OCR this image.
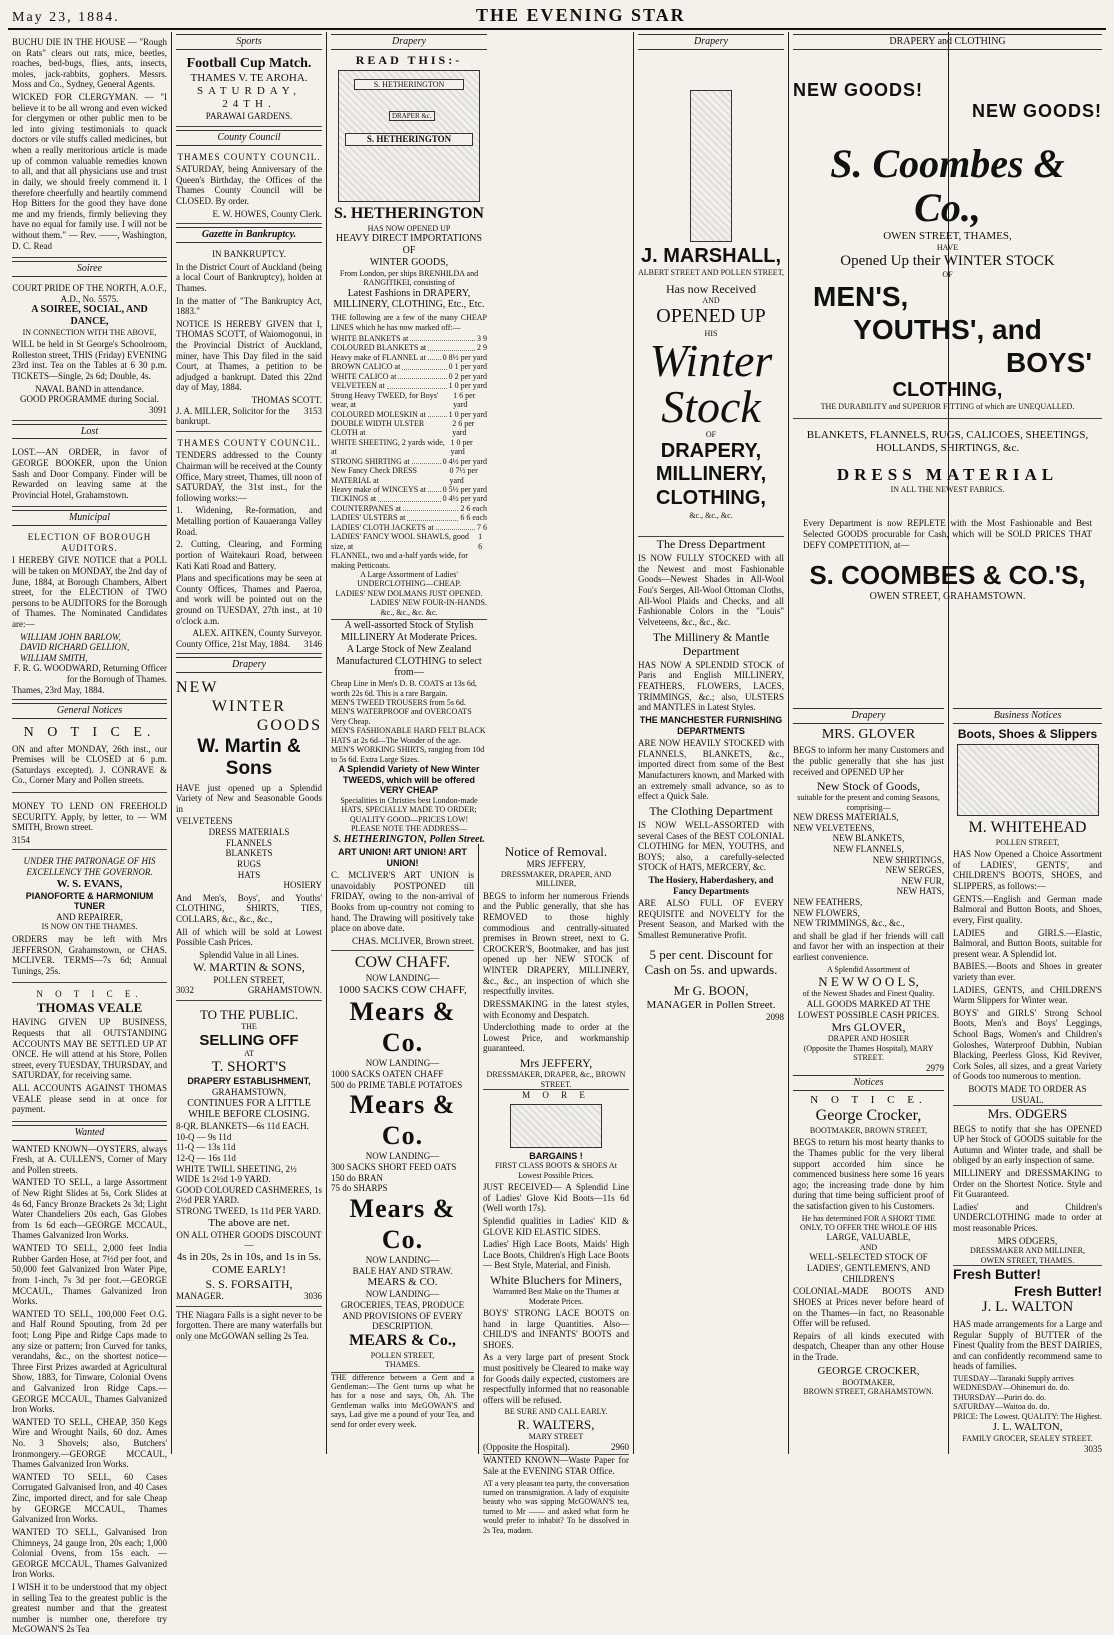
May 23, 1884.	THE EVENING STAR

BUCHU DIE IN THE HOUSE — "Rough on Rats" clears out rats, mice, beetles, roaches, bed-bugs, flies, ants, insects, moles, jack-rabbits, gophers. Messrs. Moss and Co., Sydney, General Agents.

WICKED FOR CLERGYMAN. — "I believe it to be all wrong and even wicked for clergymen or other public men to be led into giving testimonials to quack doctors or vile stuffs called medicines, but when a really meritorious article is made up of common valuable remedies known to all, and that all physicians use and trust in daily, we should freely commend it. I therefore cheerfully and heartily commend Hop Bitters for the good they have done me and my friends, firmly believing they have no equal for family use. I will not be without them." — Rev. ——, Washington, D. C. Read

Soiree
COURT PRIDE OF THE NORTH, A.O.F., A.D., No. 5575.
A SOIREE, SOCIAL, AND DANCE,
IN CONNECTION WITH THE ABOVE,

WILL be held in St George's Schoolroom, Rolleston street, THIS (Friday) EVENING 23rd inst. Tea on the Tables at 6 30 p.m. TICKETS—Single, 2s 6d; Double, 4s.

NAVAL BAND in attendance.
GOOD PROGRAMME during Social.
3091
Lost

LOST.—AN ORDER, in favor of GEORGE BOOKER, upon the Union Sash and Door Company. Finder will be Rewarded on leaving same at the Provincial Hotel, Grahamstown.

Municipal
ELECTION OF BOROUGH AUDITORS.

I HEREBY GIVE NOTICE that a POLL will be taken on MONDAY, the 2nd day of June, 1884, at Borough Chambers, Albert street, for the ELECTION of TWO persons to be AUDITORS for the Borough of Thames. The Nominated Candidates are:—

WILLIAM JOHN BARLOW,
DAVID RICHARD GELLION,
WILLIAM SMITH,
F. R. G. WOODWARD, Returning Officer for the Borough of Thames.
Thames, 23rd May, 1884.
General Notices
N O T I C E.

ON and after MONDAY, 26th inst., our Premises will be CLOSED at 6 p.m. (Saturdays excepted). J. CONRAVE & Co., Corner Mary and Pollen streets.

MONEY TO LEND ON FREEHOLD SECURITY. Apply, by letter, to — WM SMITH, Brown street.

3154
UNDER THE PATRONAGE OF HIS EXCELLENCY THE GOVERNOR.
W. S. EVANS,
PIANOFORTE & HARMONIUM TUNER
AND REPAIRER,
IS NOW ON THE THAMES.

ORDERS may be left with Mrs JEFFERSON, Grahamstown, or CHAS. MCLIVER. TERMS—7s 6d; Annual Tunings, 25s.

N O T I C E.
THOMAS VEALE

HAVING GIVEN UP BUSINESS, Requests that all OUTSTANDING ACCOUNTS MAY BE SETTLED UP AT ONCE. He will attend at his Store, Pollen street, every TUESDAY, THURSDAY, and SATURDAY, for receiving same.

ALL ACCOUNTS AGAINST THOMAS VEALE please send in at once for payment.

Wanted

WANTED KNOWN—OYSTERS, always Fresh, at A. CULLEN'S, Corner of Mary and Pollen streets.

WANTED TO SELL, a large Assortment of New Right Slides at 5s, Cork Slides at 4s 6d, Fancy Bronze Brackets 2s 3d; Light Water Chandeliers 20s each, Gas Globes from 1s 6d each—GEORGE MCCAUL, Thames Galvanized Iron Works.

WANTED TO SELL, 2,000 feet India Rubber Garden Hose, at 7½d per foot, and 50,000 feet Galvanized Iron Water Pipe, from 1-inch, 7s 3d per foot.—GEORGE MCCAUL, Thames Galvanized Iron Works.

WANTED TO SELL, 100,000 Feet O.G. and Half Round Spouting, from 2d per foot; Long Pipe and Ridge Caps made to any size or pattern; Iron Curved for tanks, verandahs, &c., on the shortest notice—Three First Prizes awarded at Agricultural Show, 1883, for Tinware, Colonial Ovens and Galvanized Iron Ridge Caps.—GEORGE MCCAUL, Thames Galvanized Iron Works.

WANTED TO SELL, CHEAP, 350 Kegs Wire and Wrought Nails, 60 doz. Ames No. 3 Shovels; also, Butchers' Ironmongery.—GEORGE MCCAUL, Thames Galvanized Iron Works.

WANTED TO SELL, 60 Cases Corrugated Galvanised Iron, and 40 Cases Zinc, imported direct, and for sale Cheap by GEORGE MCCAUL, Thames Galvanized Iron Works.

WANTED TO SELL, Galvanised Iron Chimneys, 24 gauge Iron, 20s each; 1,000 Colonial Ovens, from 15s each. — GEORGE MCCAUL, Thames Galvanized Iron Works.

I WISH it to be understood that my object in selling Tea to the greatest public is the greatest number and that the greatest number is number one, therefore try McGOWAN'S 2s Tea

Sports
Football Cup Match.
THAMES V. TE AROHA.
SATURDAY, 24TH.
PARAWAI GARDENS.
County Council
THAMES COUNTY COUNCIL.

SATURDAY, being Anniversary of the Queen's Birthday, the Offices of the Thames County Council will be CLOSED. By order.

E. W. HOWES, County Clerk.
Gazette in Bankruptcy.
IN BANKRUPTCY.

In the District Court of Auckland (being a local Court of Bankruptcy), holden at Thames.

In the matter of "The Bankruptcy Act, 1883."

NOTICE IS HEREBY GIVEN that I, THOMAS SCOTT, of Waiomogonui, in the Provincial District of Auckland, miner, have This Day filed in the said Court, at Thames, a petition to be adjudged a bankrupt. Dated this 22nd day of May, 1884.

THOMAS SCOTT.
J. A. MILLER, Solicitor for the bankrupt.
3153
THAMES COUNTY COUNCIL.

TENDERS addressed to the County Chairman will be received at the County Office, Mary street, Thames, till noon of SATURDAY, the 31st inst., for the following works:—

1. Widening, Re-formation, and Metalling portion of Kauaeranga Valley Road.

2. Cutting, Clearing, and Forming portion of Waitekauri Road, between Kati Kati Road and Battery.

Plans and specifications may be seen at County Offices, Thames and Paeroa, and work will be pointed out on the ground on TUESDAY, 27th inst., at 10 o'clock a.m.

ALEX. AITKEN, County Surveyor.
County Office, 21st May, 1884. 3146
Drapery
NEW
WINTER
GOODS
W. Martin & Sons

HAVE just opened up a Splendid Variety of New and Seasonable Goods in

VELVETEENS
DRESS MATERIALS
FLANNELS
BLANKETS
RUGS
HATS
HOSIERY

And Men's, Boys', and Youths' CLOTHING, SHIRTS, TIES, COLLARS, &c., &c., &c.,

All of which will be sold at Lowest Possible Cash Prices.

Splendid Value in all Lines.
W. MARTIN & SONS,
POLLEN STREET,
3032	GRAHAMSTOWN.
TO THE PUBLIC.
THE
SELLING OFF
AT
T. SHORT'S
DRAPERY ESTABLISHMENT,
GRAHAMSTOWN,
CONTINUES FOR A LITTLE WHILE BEFORE CLOSING.
8-QR. BLANKETS—6s 11d EACH.
10-Q — 9s 11d
11-Q — 13s 11d
12-Q — 16s 11d
WHITE TWILL SHEETING, 2½ WIDE 1s 2½d 1-9 YARD.
GOOD COLOURED CASHMERES, 1s 2½d PER YARD.
STRONG TWEED, 1s 11d PER YARD.
The above are net.
ON ALL OTHER GOODS DISCOUNT—
4s in 20s, 2s in 10s, and 1s in 5s.
COME EARLY!
S. S. FORSAITH,
MANAGER.	3036

THE Niagara Falls is a sight never to be forgotten. There are many waterfalls but only one McGOWAN selling 2s Tea.

Drapery
READ THIS:-
S. HETHERINGTON
DRAPER &c.
S. HETHERINGTON
S. HETHERINGTON
HAS NOW OPENED UP
HEAVY DIRECT IMPORTATIONS OF
WINTER GOODS,
From London, per ships BRENHILDA and RANGITIKEI, consisting of
Latest Fashions in DRAPERY, MILLINERY, CLOTHING, Etc., Etc.

THE following are a few of the many CHEAP LINES which he has now marked off:—

WHITE BLANKETS at	3 9
COLOURED BLANKETS at	2 9
Heavy make of FLANNEL at 0 8½ per yard
BROWN CALICO at	0 1 per yard
WHITE CALICO at	0 2 per yard
VELVETEEN at	1 0 per yard
Strong Heavy TWEED, for Boys' wear, at
1 6 per yard
COLOURED MOLESKIN at	1 0 per yard
DOUBLE WIDTH ULSTER CLOTH at
2 6 per yard
WHITE SHEETING, 2 yards wide, at
1 0 per yard
STRONG SHIRTING at	0 4½ per yard
New Fancy Check DRESS MATERIAL at
0 7½ per yard
Heavy make of WINCEYS at 0 5½ per yard
TICKINGS at	0 4½ per yard
COUNTERPANES at	2 6 each
LADIES' ULSTERS at	6 6 each
LADIES' CLOTH JACKETS at	7 6
LADIES' FANCY WOOL SHAWLS, good size, at
1 6
FLANNEL, two and a-half yards wide, for making Petticoats.
A Large Assortment of Ladies' UNDERCLOTHING—CHEAP.
LADIES' NEW DOLMANS JUST OPENED.
LADIES' NEW FOUR-IN-HANDS.
&c., &c., &c. &c.
A well-assorted Stock of Stylish MILLINERY At Moderate Prices.
A Large Stock of New Zealand Manufactured CLOTHING to select from—
Cheap Line in Men's D. B. COATS at 13s 6d, worth 22s 6d. This is a rare Bargain.
MEN'S TWEED TROUSERS from 5s 6d.
MEN'S WATERPROOF and OVERCOATS Very Cheap.
MEN'S FASHIONABLE HARD FELT BLACK HATS at 2s 6d—The Wonder of the age.
MEN'S WORKING SHIRTS, ranging from 10d to 5s 6d. Extra Large Sizes.
A Splendid Variety of New Winter TWEEDS, which will be offered VERY CHEAP
Specialities in Christies best London-made HATS, SPECIALLY MADE TO ORDER; QUALITY GOOD—PRICES LOW!
PLEASE NOTE THE ADDRESS—
S. HETHERINGTON, Pollen Street.
ART UNION! ART UNION! ART UNION!

C. MCLIVER'S ART UNION is unavoidably POSTPONED till FRIDAY, owing to the non-arrival of Books from up-country not coming to hand. The Drawing will positively take place on above date.

CHAS. MCLIVER, Brown street.
COW CHAFF.
NOW LANDING—
1000 SACKS COW CHAFF,
Mears & Co.
NOW LANDING—
1000 SACKS OATEN CHAFF
500 do PRIME TABLE POTATOES
Mears & Co.
NOW LANDING—
300 SACKS SHORT FEED OATS
150 do BRAN
75 do SHARPS
Mears & Co.
NOW LANDING—
BALE HAY AND STRAW.
MEARS & CO.
NOW LANDING—
GROCERIES, TEAS, PRODUCE AND PROVISIONS OF EVERY DESCRIPTION.
MEARS & Co.,
POLLEN STREET,
THAMES.

THE difference between a Gent and a Gentleman:—The Gent turns up what he has for a nose and says, Oh, Ah. The Gentleman walks into McGOWAN'S and says, Lad give me a pound of your Tea, and send for order every week.

Notice of Removal.
MRS JEFFERY,
DRESSMAKER, DRAPER, AND MILLINER,

BEGS to inform her numerous Friends and the Public generally, that she has REMOVED to those highly commodious and centrally-situated premises in Brown street, next to G. CROCKER'S, Bootmaker, and has just opened up her NEW STOCK of WINTER DRAPERY, MILLINERY, &c., &c., an inspection of which she respectfully invites.

DRESSMAKING in the latest styles, with Economy and Despatch.

Underclothing made to order at the Lowest Price, and workmanship guaranteed.

Mrs JEFFERY,
DRESSMAKER, DRAPER, &c., BROWN STREET.
M O R E
BARGAINS !
FIRST CLASS BOOTS & SHOES At Lowest Possible Prices.

JUST RECEIVED— A Splendid Line of Ladies' Glove Kid Boots—11s 6d (Well worth 17s).

Splendid qualities in Ladies' KID & GLOVE KID ELASTIC SIDES.

Ladies' High Lace Boots, Maids' High Lace Boots, Children's High Lace Boots — Best Style, Material, and Finish.

White Bluchers for Miners,
Warranted Best Make on the Thames at Moderate Prices.

BOYS' STRONG LACE BOOTS on hand in large Quantities. Also—CHILD'S and INFANTS' BOOTS and SHOES.

As a very large part of present Stock must positively be Cleared to make way for Goods daily expected, customers are respectfully informed that no reasonable offers will be refused.

BE SURE AND CALL EARLY.
R. WALTERS,
MARY STREET
(Opposite the Hospital).	2960

WANTED KNOWN—Waste Paper for Sale at the EVENING STAR Office.

AT a very pleasant tea party, the conversation turned on transmigration. A lady of exquisite beauty who was sipping McGOWAN'S tea, turned to Mr —— and asked what form he would prefer to inhabit? To be dissolved in 2s Tea, madam.

Drapery
J. MARSHALL,
ALBERT STREET AND POLLEN STREET,
Has now Received
AND
OPENED UP
HIS
Winter
Stock
OF
DRAPERY,
MILLINERY,
CLOTHING,
&c., &c., &c.
The Dress Department

IS NOW FULLY STOCKED with all the Newest and most Fashionable Goods—Newest Shades in All-Wool Fou's Serges, All-Wool Ottoman Cloths, All-Wool Plaids and Checks, and all Fashionable Colors in the "Louis" Velveteens, &c., &c., &c.

The Millinery & Mantle Department

HAS NOW A SPLENDID STOCK of Paris and English MILLINERY, FEATHERS, FLOWERS, LACES, TRIMMINGS, &c.; also, ULSTERS and MANTLES in Latest Styles.

THE MANCHESTER FURNISHING DEPARTMENTS

ARE NOW HEAVILY STOCKED with FLANNELS, BLANKETS, &c., imported direct from some of the Best Manufacturers known, and Marked with an extremely small advance, so as to effect a Quick Sale.

The Clothing Department

IS NOW WELL-ASSORTED with several Cases of the BEST COLONIAL CLOTHING for MEN, YOUTHS, and BOYS; also, a carefully-selected STOCK of HATS, MERCERY, &c.

The Hosiery, Haberdashery, and Fancy Departments

ARE ALSO FULL OF EVERY REQUISITE and NOVELTY for the Present Season, and Marked with the Smallest Remunerative Profit.

5 per cent. Discount for Cash on 5s. and upwards.
Mr G. BOON,
MANAGER in Pollen Street.
2098
DRAPERY and CLOTHING
NEW GOODS!
NEW GOODS!
S. Coombes & Co.,
OWEN STREET, THAMES,
HAVE
Opened Up their WINTER STOCK
OF
MEN'S,
YOUTHS', and
BOYS'
CLOTHING,
THE DURABILITY and SUPERIOR FITTING of which are UNEQUALLED.
BLANKETS, FLANNELS, RUGS, CALICOES, SHEETINGS, HOLLANDS, SHIRTINGS, &c.
DRESS MATERIAL
IN ALL THE NEWEST FABRICS.

Every Department is now REPLETE with the Most Fashionable and Best Selected GOODS procurable for Cash, which will be SOLD PRICES THAT DEFY COMPETITION, at—

S. COOMBES & CO.'S,
OWEN STREET, GRAHAMSTOWN.
Drapery
MRS. GLOVER

BEGS to inform her many Customers and the public generally that she has just received and OPENED UP her

New Stock of Goods,
suitable for the present and coming Seasons, comprising—
NEW DRESS MATERIALS,
NEW VELVETEENS,
NEW BLANKETS,
NEW FLANNELS,
NEW SHIRTINGS,
NEW SERGES,
NEW FUR,
NEW HATS,
NEW FEATHERS,
NEW FLOWERS,
NEW TRIMMINGS, &c., &c.,

and shall be glad if her friends will call and favor her with an inspection at their earliest convenience.

A Splendid Assortment of
N E W W O O L S,
of the Newest Shades and Finest Quality.
ALL GOODS MARKED AT THE LOWEST POSSIBLE CASH PRICES.
Mrs GLOVER,
DRAPER AND HOSIER
(Opposite the Thames Hospital), MARY STREET.
2979
Notices
N O T I C E.
George Crocker,
BOOTMAKER, BROWN STREET,

BEGS to return his most hearty thanks to the Thames public for the very liberal support accorded him since he commenced business here some 16 years ago; the increasing trade done by him during that time being sufficient proof of the satisfaction given to his Customers.

He has determined FOR A SHORT TIME ONLY, TO OFFER THE WHOLE OF HIS
LARGE, VALUABLE,
AND
WELL-SELECTED STOCK OF LADIES', GENTLEMEN'S, AND CHILDREN'S

COLONIAL-MADE BOOTS AND SHOES at Prices never before heard of on the Thames—in fact, no Reasonable Offer will be refused.

Repairs of all kinds executed with despatch, Cheaper than any other House in the Trade.

GEORGE CROCKER,
BOOTMAKER,
BROWN STREET, GRAHAMSTOWN.
Business Notices
Boots, Shoes & Slippers
M. WHITEHEAD
POLLEN STREET,

HAS Now Opened a Choice Assortment of LADIES', GENTS', and CHILDREN'S BOOTS, SHOES, and SLIPPERS, as follows:—

GENTS.—English and German made Balmoral and Button Boots, and Shoes, every, First quality.

LADIES and GIRLS.—Elastic, Balmoral, and Button Boots, suitable for present wear. A Splendid lot.

BABIES.—Boots and Shoes in greater variety than ever.

LADIES, GENTS, and CHILDREN'S Warm Slippers for Winter wear.

BOYS' and GIRLS' Strong School Boots, Men's and Boys' Leggings, School Bags, Women's and Children's Goloshes, Waterproof Dubbin, Nubian Blacking, Peerless Gloss, Kid Reviver, Cork Soles, all sizes, and a great Variety of Goods too numerous to mention.

BOOTS MADE TO ORDER AS USUAL.
Mrs. ODGERS

BEGS to notify that she has OPENED UP her Stock of GOODS suitable for the Autumn and Winter trade, and shall be obliged by an early inspection of same.

MILLINERY and DRESSMAKING to Order on the Shortest Notice. Style and Fit Guaranteed.

Ladies' and Children's UNDERCLOTHING made to order at most reasonable Prices.

MRS ODGERS,
DRESSMAKER AND MILLINER,
OWEN STREET, THAMES.
Fresh Butter!
Fresh Butter!
J. L. WALTON

HAS made arrangements for a Large and Regular Supply of BUTTER of the Finest Quality from the BEST DAIRIES, and can confidently recommend same to heads of families.

TUESDAY—Taranaki Supply arrives
WEDNESDAY—Ohinemuri do. do.
THURSDAY—Puriri do. do.
SATURDAY—Waitoa do. do.
PRICE: The Lowest. QUALITY: The Highest.
J. L. WALTON,
FAMILY GROCER, SEALEY STREET.
3035
